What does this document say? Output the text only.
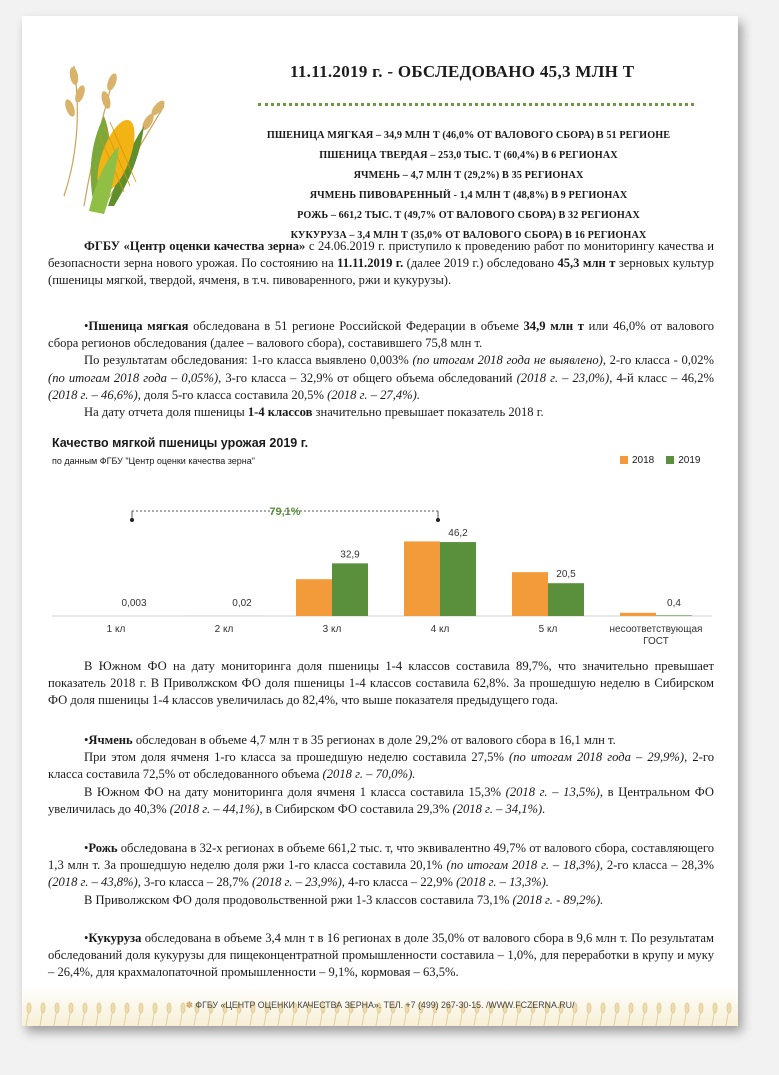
11.11.2019 г. - ОБСЛЕДОВАНО 45,3 МЛН Т
ПШЕНИЦА МЯГКАЯ – 34,9 МЛН Т (46,0% ОТ ВАЛОВОГО СБОРА) В 51 РЕГИОНЕ
ПШЕНИЦА ТВЕРДАЯ – 253,0 ТЫС. Т (60,4%) В 6 РЕГИОНАХ
ЯЧМЕНЬ – 4,7 МЛН Т (29,2%) В 35 РЕГИОНАХ
ЯЧМЕНЬ ПИВОВАРЕННЫЙ - 1,4 МЛН Т (48,8%) В 9 РЕГИОНАХ
РОЖЬ – 661,2 ТЫС. Т (49,7% ОТ ВАЛОВОГО СБОРА) В 32 РЕГИОНАХ
КУКУРУЗА – 3,4 МЛН Т (35,0% ОТ ВАЛОВОГО СБОРА) В 16 РЕГИОНАХ

ФГБУ «Центр оценки качества зерна» с 24.06.2019 г. приступило к проведению работ по мониторингу качества и безопасности зерна нового урожая. По состоянию на 11.11.2019 г. (далее 2019 г.) обследовано 45,3 млн т зерновых культур (пшеницы мягкой, твердой, ячменя, в т.ч. пивоваренного, ржи и кукурузы).

•Пшеница мягкая обследована в 51 регионе Российской Федерации в объеме 34,9 млн т или 46,0% от валового сбора регионов обследования (далее – валового сбора), составившего 75,8 млн т.

По результатам обследования: 1-го класса выявлено 0,003% (по итогам 2018 года не выявлено), 2-го класса - 0,02% (по итогам 2018 года – 0,05%), 3-го класса – 32,9% от общего объема обследований (2018 г. – 23,0%), 4-й класс – 46,2% (2018 г. – 46,6%), доля 5-го класса составила 20,5% (2018 г. – 27,4%).

На дату отчета доля пшеницы 1-4 классов значительно превышает показатель 2018 г.

Качество мягкой пшеницы урожая 2019 г.
по данным ФГБУ "Центр оценки качества зерна"	2018	2019
0,003
1 кл
0,02
2 кл
32,9
3 кл
46,2
4 кл
20,5
5 кл
0,4
несоответствующая
ГОСТ
79,1%

В Южном ФО на дату мониторинга доля пшеницы 1-4 классов составила 89,7%, что значительно превышает показатель 2018 г. В Приволжском ФО доля пшеницы 1-4 классов составила 62,8%. За прошедшую неделю в Сибирском ФО доля пшеницы 1-4 классов увеличилась до 82,4%, что выше показателя предыдущего года.

•Ячмень обследован в объеме 4,7 млн т в 35 регионах в доле 29,2% от валового сбора в 16,1 млн т.

При этом доля ячменя 1-го класса за прошедшую неделю составила 27,5% (по итогам 2018 года – 29,9%), 2-го класса составила 72,5% от обследованного объема (2018 г. – 70,0%).

В Южном ФО на дату мониторинга доля ячменя 1 класса составила 15,3% (2018 г. – 13,5%), в Центральном ФО увеличилась до 40,3% (2018 г. – 44,1%), в Сибирском ФО составила 29,3% (2018 г. – 34,1%).

•Рожь обследована в 32-х регионах в объеме 661,2 тыс. т, что эквивалентно 49,7% от валового сбора, составляющего 1,3 млн т. За прошедшую неделю доля ржи 1-го класса составила 20,1% (по итогам 2018 г. – 18,3%), 2-го класса – 28,3% (2018 г. – 43,8%), 3-го класса – 28,7% (2018 г. – 23,9%), 4-го класса – 22,9% (2018 г. – 13,3%).

В Приволжском ФО доля продовольственной ржи 1-3 классов составила 73,1% (2018 г. - 89,2%).

•Кукуруза обследована в объеме 3,4 млн т в 16 регионах в доле 35,0% от валового сбора в 9,6 млн т. По результатам обследований доля кукурузы для пищеконцентратной промышленности составила – 1,0%, для переработки в крупу и муку – 26,4%, для крахмалопаточной промышленности – 9,1%, кормовая – 63,5%.

✽ ФГБУ «ЦЕНТР ОЦЕНКИ КАЧЕСТВА ЗЕРНА». ТЕЛ. +7 (499) 267-30-15. /WWW.FCZERNA.RU/
